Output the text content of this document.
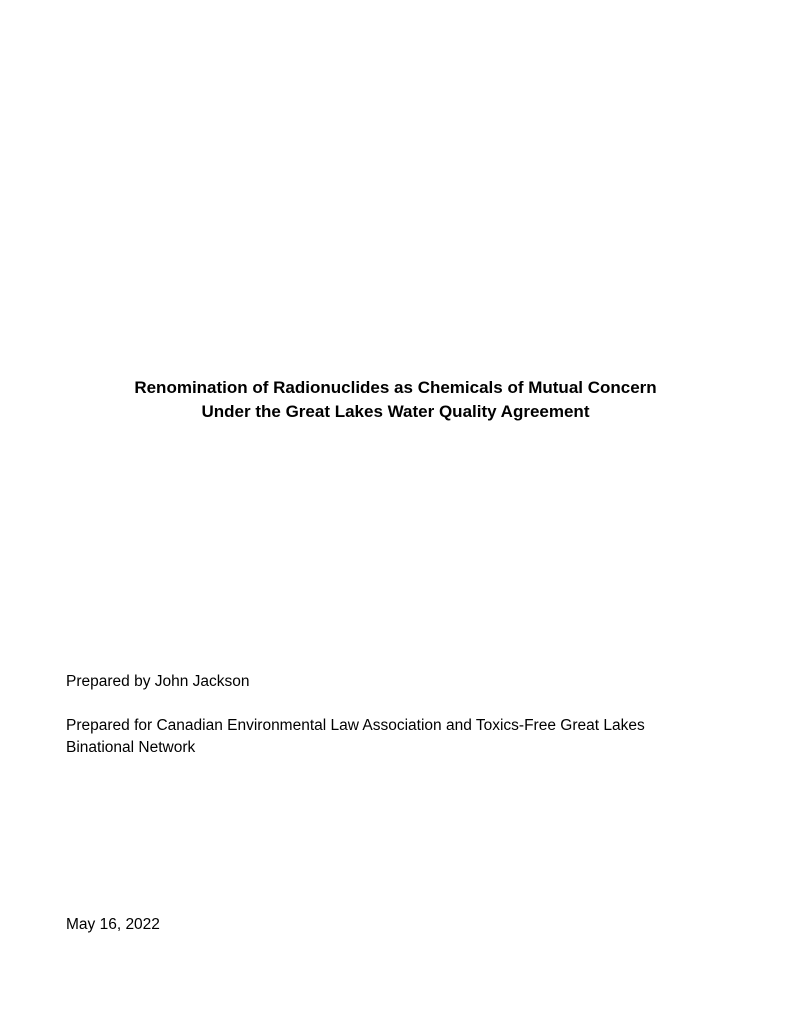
Renomination of Radionuclides as Chemicals of Mutual Concern
Under the Great Lakes Water Quality Agreement
Prepared by John Jackson
Prepared for Canadian Environmental Law Association and Toxics-Free Great Lakes Binational Network
May 16, 2022
